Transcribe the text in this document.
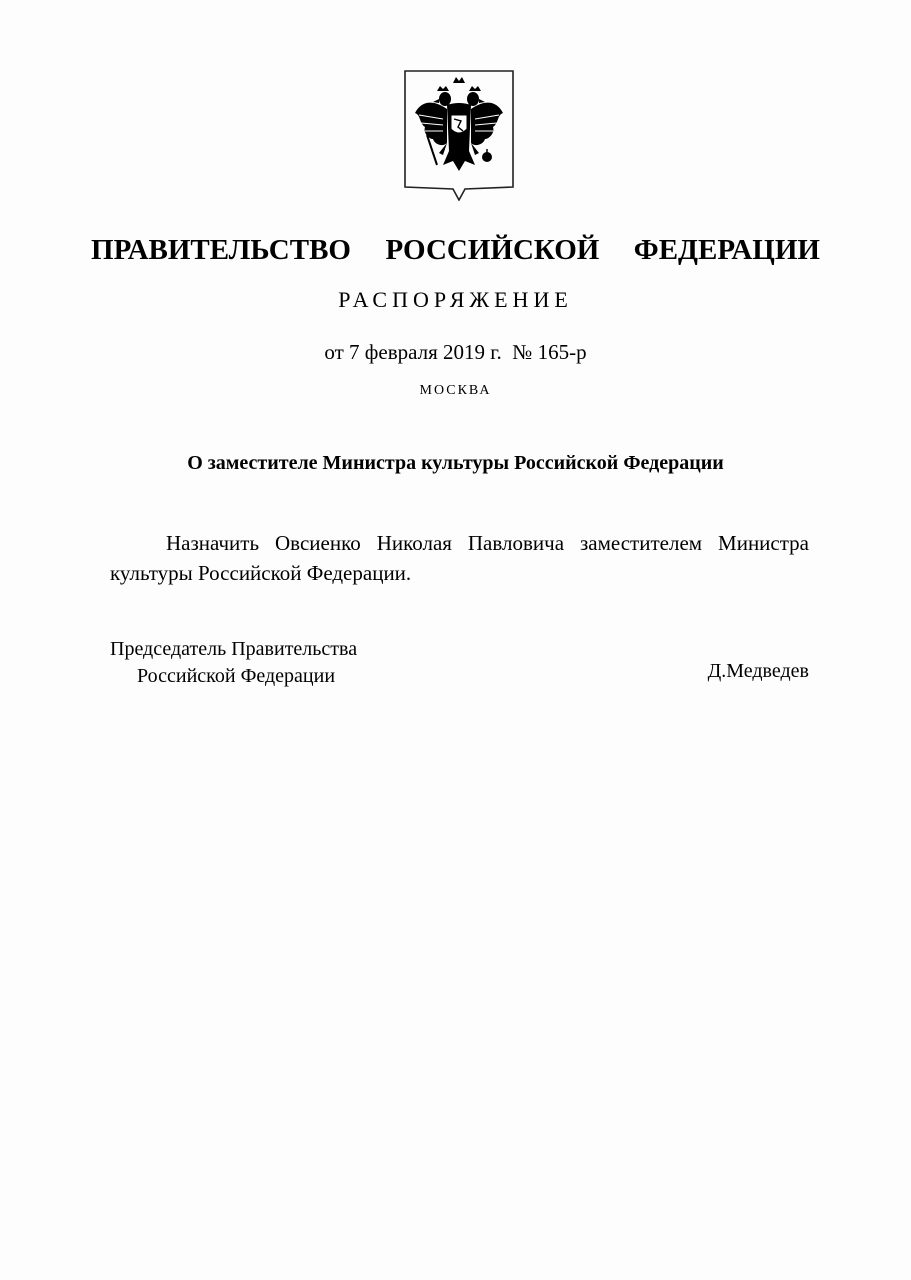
ПРАВИТЕЛЬСТВО  РОССИЙСКОЙ  ФЕДЕРАЦИИ
РАСПОРЯЖЕНИЕ
от 7 февраля 2019 г.  № 165-р
МОСКВА
О заместителе Министра культуры Российской Федерации

Назначить Овсиенко Николая Павловича заместителем Министра культуры Российской Федерации.

Председатель Правительства
Российской Федерации	Д.Медведев
